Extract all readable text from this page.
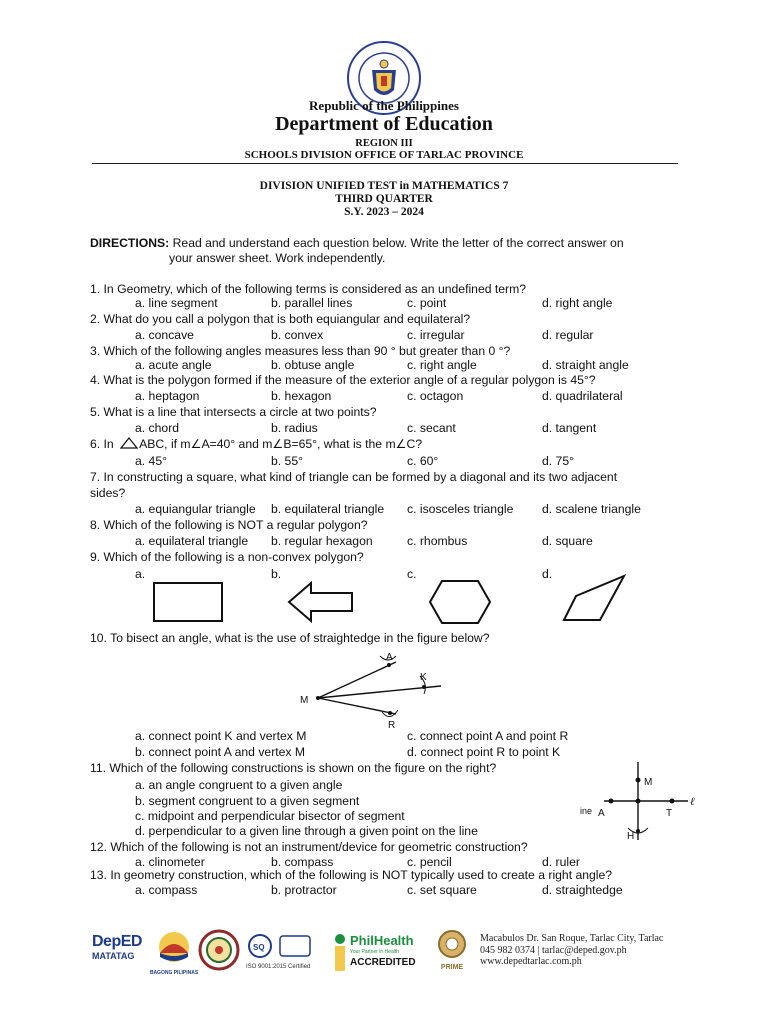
Republic of the Philippines
Department of Education
REGION III
SCHOOLS DIVISION OFFICE OF TARLAC PROVINCE
DIVISION UNIFIED TEST in MATHEMATICS 7
THIRD QUARTER
S.Y. 2023 – 2024
DIRECTIONS: Read and understand each question below. Write the letter of the correct answer on
your answer sheet. Work independently.
1. In Geometry, which of the following terms is considered as an undefined term?
a. line segment	b. parallel lines	c. point	d. right angle
2. What do you call a polygon that is both equiangular and equilateral?
a. concave	b. convex	c. irregular	d. regular
3. Which of the following angles measures less than 90 ° but greater than 0 °?
a. acute angle	b. obtuse angle	c. right angle	d. straight angle
4. What is the polygon formed if the measure of the exterior angle of a regular polygon is 45°?
a. heptagon	b. hexagon	c. octagon	d. quadrilateral
5. What is a line that intersects a circle at two points?
a. chord	b. radius	c. secant	d. tangent
6. In ABC, if m∠A=40° and m∠B=65°, what is the m∠C?
a. 45°	b. 55°	c. 60°	d. 75°
7. In constructing a square, what kind of triangle can be formed by a diagonal and its two adjacent
sides?
a. equiangular triangle b. equilateral triangle c. isosceles triangle d. scalene triangle
8. Which of the following is NOT a regular polygon?
a. equilateral triangle b. regular hexagon	c. rhombus	d. square
9. Which of the following is a non-convex polygon?
a.	b.	c.	d.
10. To bisect an angle, what is the use of straightedge in the figure below?
M
A
K
R
a. connect point K and vertex M	c. connect point A and point R
b. connect point A and vertex M	d. connect point R to point K
11. Which of the following constructions is shown on the figure on the right?
a. an angle congruent to a given angle
b. segment congruent to a given segment
c. midpoint and perpendicular bisector of segment
d. perpendicular to a given line through a given point on the line
M
ine A	T
H
ℓ
12. Which of the following is not an instrument/device for geometric construction?
a. clinometer	b. compass	c. pencil	d. ruler
13. In geometry construction, which of the following is NOT typically used to create a right angle?
a. compass	b. protractor	c. set square	d. straightedge
DepED
MATATAG
BAGONG PILIPINAS
SQ
ISO 9001:2015 Certified
PhilHealth
Your Partner in Health
ACCREDITED	PRIME
Macabulos Dr. San Roque, Tarlac City, Tarlac
045 982 0374 | tarlac@deped.gov.ph
www.depedtarlac.com.ph
